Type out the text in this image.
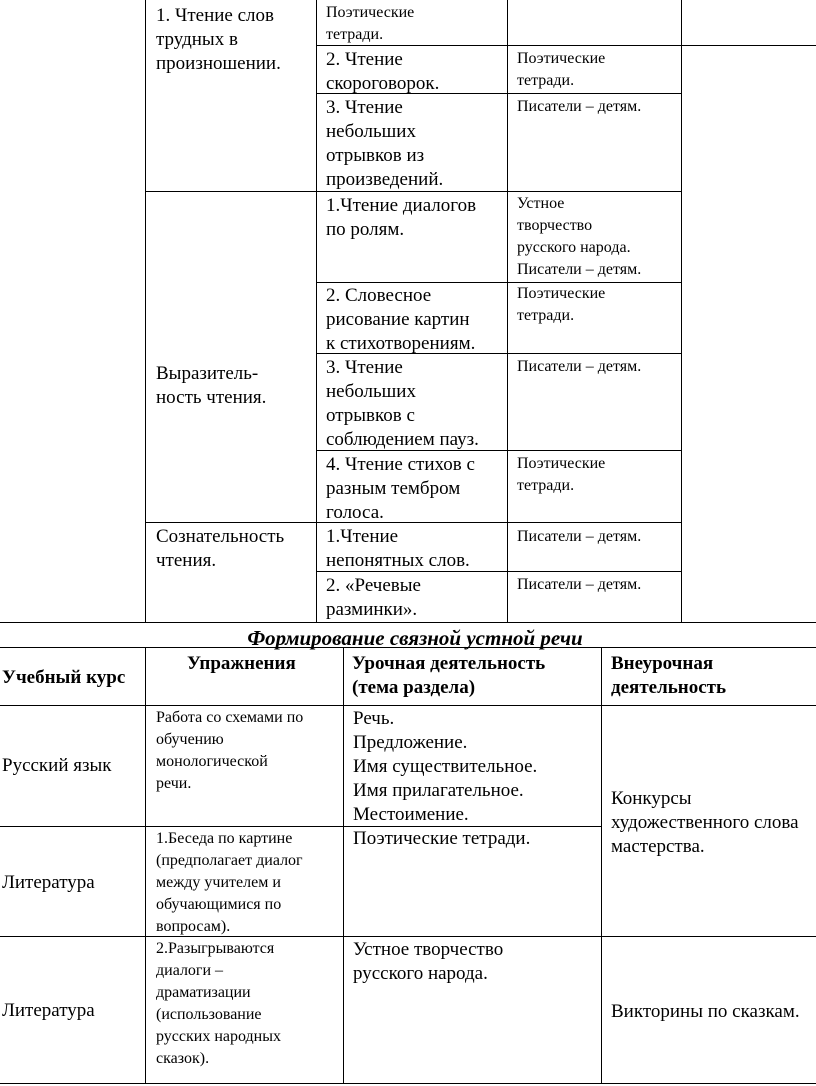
1. Чтение слов
трудных в
произношении.
Поэтические
тетради.
2. Чтение
скороговорок.
Поэтические
тетради.
3. Чтение
небольших
отрывков из
произведений.
Писатели – детям.
Выразитель-
ность чтения.
1.Чтение диалогов
по ролям.
Устное
творчество
русского народа.
Писатели – детям.
2. Словесное
рисование картин
к стихотворениям.
Поэтические
тетради.
3. Чтение
небольших
отрывков с
соблюдением пауз.
Писатели – детям.
4. Чтение стихов с
разным тембром
голоса.
Поэтические
тетради.
Сознательность
чтения.
1.Чтение
непонятных слов.
Писатели – детям.
2. «Речевые
разминки».
Писатели – детям.
Формирование связной устной речи
Учебный курс
Упражнения	Урочная деятельность
(тема раздела)
Внеурочная
деятельность
Русский язык
Работа со схемами по
обучению
монологической
речи.
Речь.
Предложение.
Имя существительное.
Имя прилагательное.
Местоимение.
Конкурсы
художественного слова
мастерства.
Литература
1.Беседа по картине
(предполагает диалог
между учителем и
обучающимися по
вопросам).
Поэтические тетради.
Литература
2.Разыгрываются
диалоги –
драматизации
(использование
русских народных
сказок).
Устное творчество
русского народа.
Викторины по сказкам.
